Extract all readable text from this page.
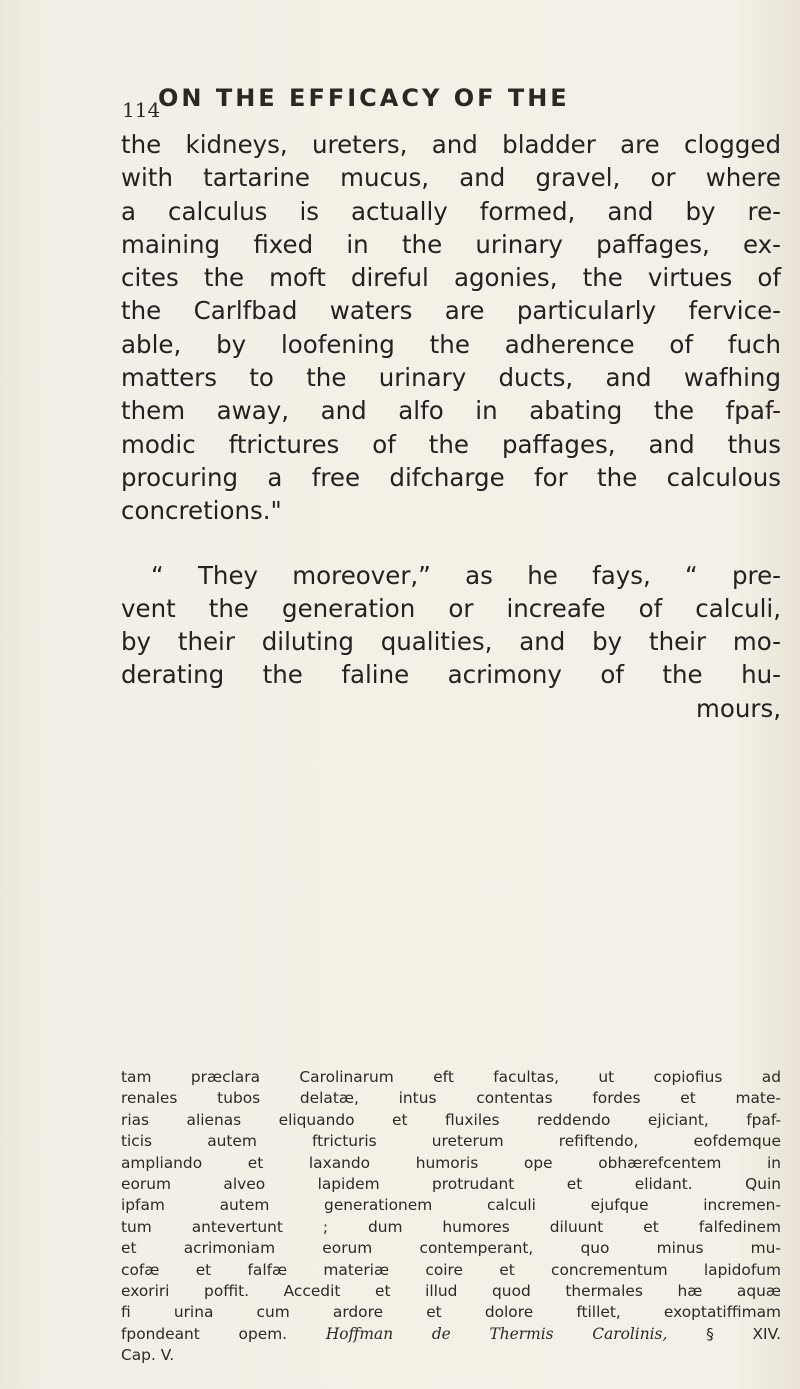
114
ON THE EFFICACY OF THE
the kidneys, ureters, and bladder are clogged
with tartarine mucus, and gravel, or where
a calculus is actually formed, and by re-
maining fixed in the urinary paffages, ex-
cites the moft direful agonies, the virtues of
the Carlfbad waters are particularly fervice-
able, by loofening the adherence of fuch
matters to the urinary ducts, and wafhing
them away, and alfo in abating the fpaf-
modic ftrictures of the paffages, and thus
procuring a free difcharge for the calculous
concretions."
“ They moreover,” as he fays, “ pre-
vent the generation or increafe of calculi,
by their diluting qualities, and by their mo-
derating the faline acrimony of the hu-
mours,
tam præclara Carolinarum eft facultas, ut copiofius ad
renales tubos delatæ, intus contentas fordes et mate-
rias alienas eliquando et fluxiles reddendo ejiciant, fpaf-
ticis autem ftricturis ureterum refiftendo, eofdemque
ampliando et laxando humoris ope obhærefcentem in
eorum alveo lapidem protrudant et elidant. Quin
ipfam autem generationem calculi ejufque incremen-
tum antevertunt ; dum humores diluunt et falfedinem
et acrimoniam eorum contemperant, quo minus mu-
cofæ et falfæ materiæ coire et concrementum lapidofum
exoriri poffit. Accedit et illud quod thermales hæ aquæ
fi urina cum ardore et dolore ftillet, exoptatiffimam
fpondeant opem.	Hoffman de Thermis Carolinis,	§ XIV.
Cap. V.
